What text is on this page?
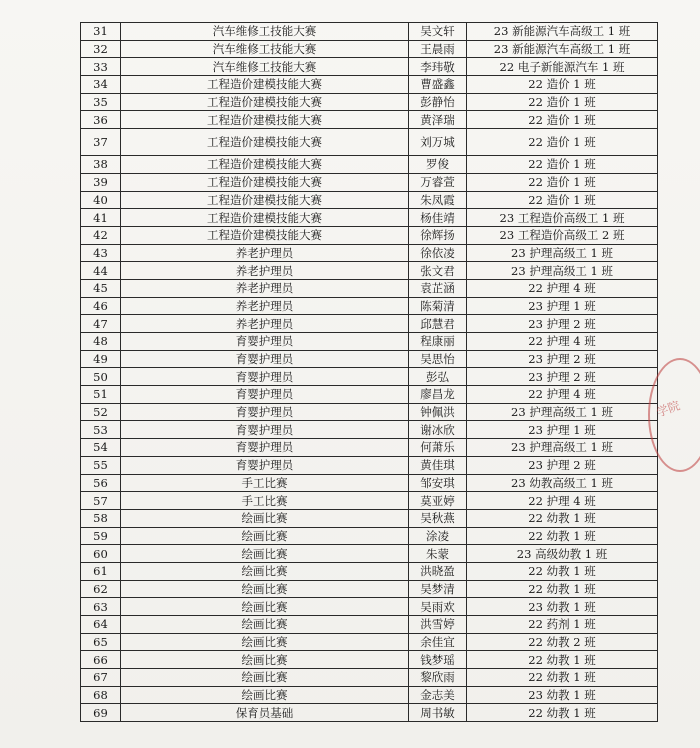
31	汽车维修工技能大赛	吴文轩	23 新能源汽车高级工 1 班
32	汽车维修工技能大赛	王晨雨	23 新能源汽车高级工 1 班
33	汽车维修工技能大赛	李玮敬	22 电子新能源汽车 1 班
34	工程造价建模技能大赛	曹盛鑫	22 造价 1 班
35	工程造价建模技能大赛	彭静怡	22 造价 1 班
36	工程造价建模技能大赛	黄泽瑞	22 造价 1 班
37	工程造价建模技能大赛	刘万城	22 造价 1 班
38	工程造价建模技能大赛	罗俊	22 造价 1 班
39	工程造价建模技能大赛	万睿萱	22 造价 1 班
40	工程造价建模技能大赛	朱凤霞	22 造价 1 班
41	工程造价建模技能大赛	杨佳靖	23 工程造价高级工 1 班
42	工程造价建模技能大赛	徐辉扬	23 工程造价高级工 2 班
43	养老护理员	徐依凌	23 护理高级工 1 班
44	养老护理员	张文君	23 护理高级工 1 班
45	养老护理员	袁芷涵	22 护理 4 班
46	养老护理员	陈菊清	23 护理 1 班
47	养老护理员	邱慧君	23 护理 2 班
48	育婴护理员	程康丽	22 护理 4 班
49	育婴护理员	吴思怡	23 护理 2 班
50	育婴护理员	彭弘	23 护理 2 班
51	育婴护理员	廖昌龙	22 护理 4 班
52	育婴护理员	钟佩洪	23 护理高级工 1 班
53	育婴护理员	谢冰欣	23 护理 1 班
54	育婴护理员	何萧乐	23 护理高级工 1 班
55	育婴护理员	黄佳琪	23 护理 2 班
56	手工比赛	邹安琪	23 幼教高级工 1 班
57	手工比赛	莫亚婷	22 护理 4 班
58	绘画比赛	吴秋燕	22 幼教 1 班
59	绘画比赛	涂凌	22 幼教 1 班
60	绘画比赛	朱蒙	23 高级幼教 1 班
61	绘画比赛	洪晓盈	22 幼教 1 班
62	绘画比赛	吴梦清	22 幼教 1 班
63	绘画比赛	吴雨欢	23 幼教 1 班
64	绘画比赛	洪雪婷	22 药剂 1 班
65	绘画比赛	余佳宜	22 幼教 2 班
66	绘画比赛	钱梦瑶	22 幼教 1 班
67	绘画比赛	黎欣雨	22 幼教 1 班
68	绘画比赛	金志美	23 幼教 1 班
69	保育员基础	周书敏	22 幼教 1 班
学院
